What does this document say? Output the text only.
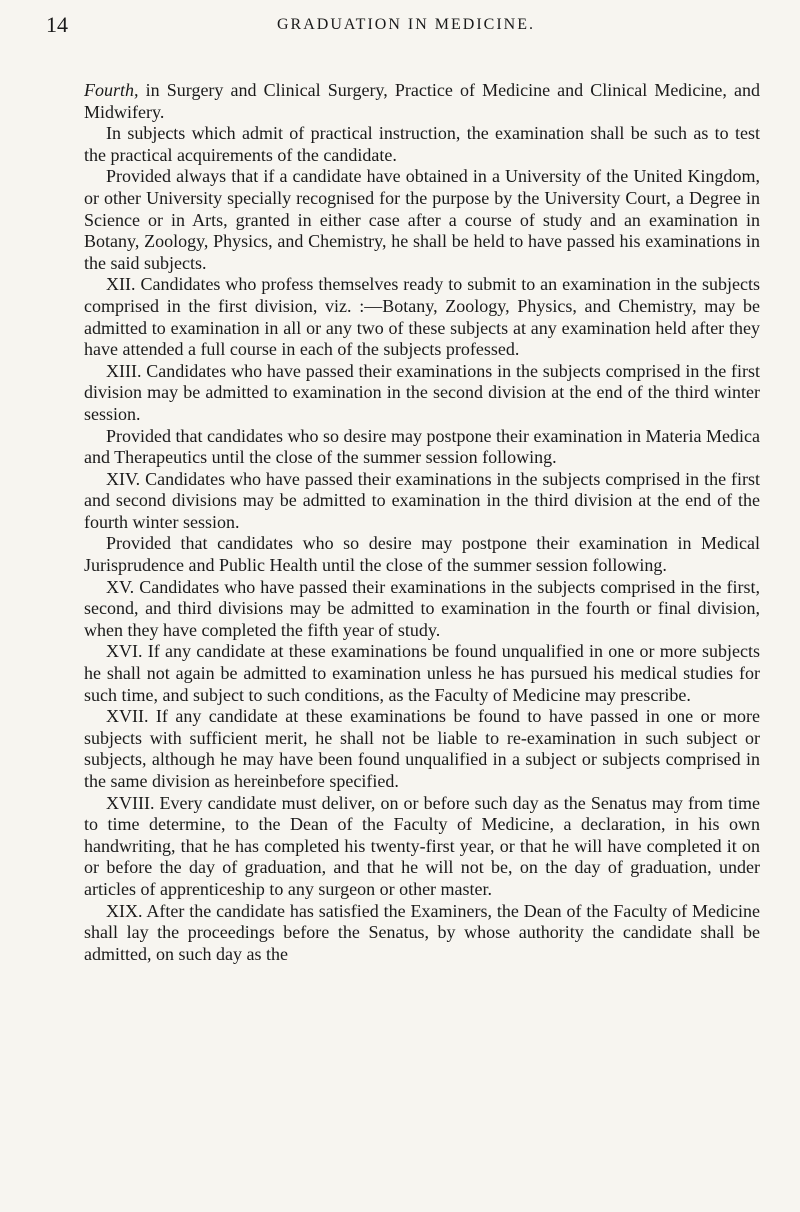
14	GRADUATION IN MEDICINE.

Fourth, in Surgery and Clinical Surgery, Practice of Medicine and Clinical Medicine, and Midwifery.

In subjects which admit of practical instruction, the examination shall be such as to test the practical acquirements of the candidate.

Provided always that if a candidate have obtained in a University of the United Kingdom, or other University specially recognised for the purpose by the University Court, a Degree in Science or in Arts, granted in either case after a course of study and an examination in Botany, Zoology, Physics, and Chemistry, he shall be held to have passed his examinations in the said subjects.

XII. Candidates who profess themselves ready to submit to an examination in the subjects comprised in the first division, viz. :—Botany, Zoology, Physics, and Chemistry, may be admitted to examination in all or any two of these subjects at any examination held after they have attended a full course in each of the subjects professed.

XIII. Candidates who have passed their examinations in the subjects comprised in the first division may be admitted to examination in the second division at the end of the third winter session.

Provided that candidates who so desire may postpone their examination in Materia Medica and Therapeutics until the close of the summer session following.

XIV. Candidates who have passed their examinations in the subjects comprised in the first and second divisions may be admitted to examination in the third division at the end of the fourth winter session.

Provided that candidates who so desire may postpone their examination in Medical Jurisprudence and Public Health until the close of the summer session following.

XV. Candidates who have passed their examinations in the subjects comprised in the first, second, and third divisions may be admitted to examination in the fourth or final division, when they have completed the fifth year of study.

XVI. If any candidate at these examinations be found unqualified in one or more subjects he shall not again be admitted to examination unless he has pursued his medical studies for such time, and subject to such conditions, as the Faculty of Medicine may prescribe.

XVII. If any candidate at these examinations be found to have passed in one or more subjects with sufficient merit, he shall not be liable to re-examination in such subject or subjects, although he may have been found unqualified in a subject or subjects comprised in the same division as hereinbefore specified.

XVIII. Every candidate must deliver, on or before such day as the Senatus may from time to time determine, to the Dean of the Faculty of Medicine, a declaration, in his own handwriting, that he has completed his twenty-first year, or that he will have completed it on or before the day of graduation, and that he will not be, on the day of graduation, under articles of apprenticeship to any surgeon or other master.

XIX. After the candidate has satisfied the Examiners, the Dean of the Faculty of Medicine shall lay the proceedings before the Senatus, by whose authority the candidate shall be admitted, on such day as the
